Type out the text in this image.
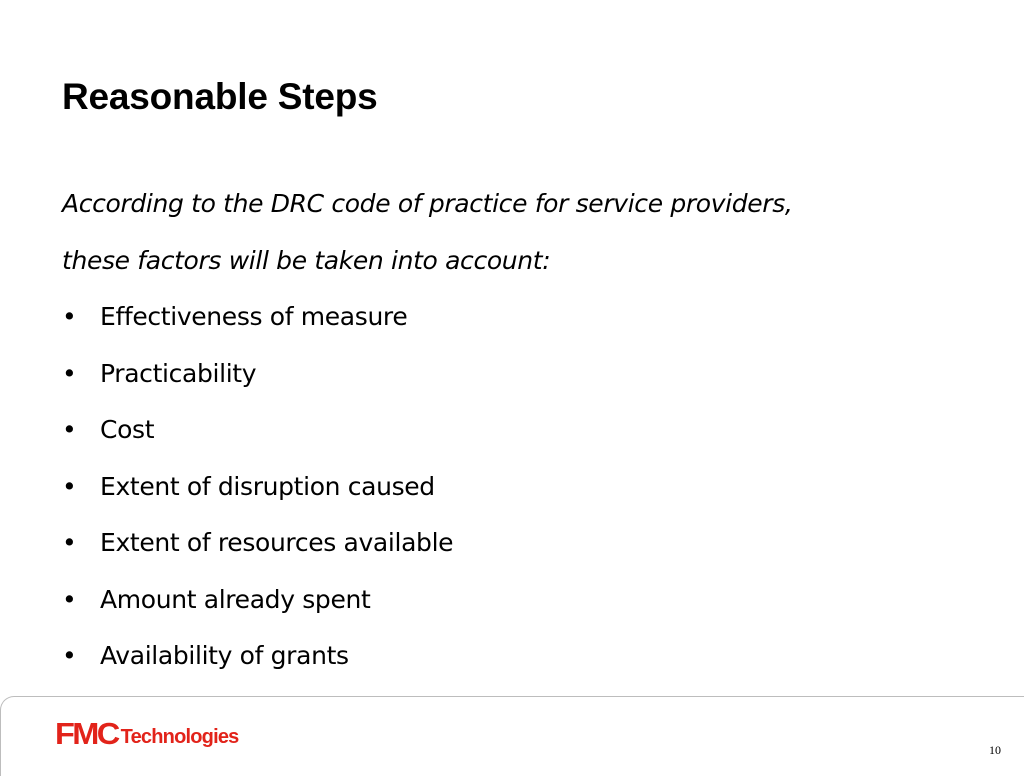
Reasonable Steps

According to the DRC code of practice for service providers,

these factors will be taken into account:

• Effectiveness of measure
• Practicability
• Cost
• Extent of disruption caused
• Extent of resources available
• Amount already spent
• Availability of grants
FMC Technologies
10
